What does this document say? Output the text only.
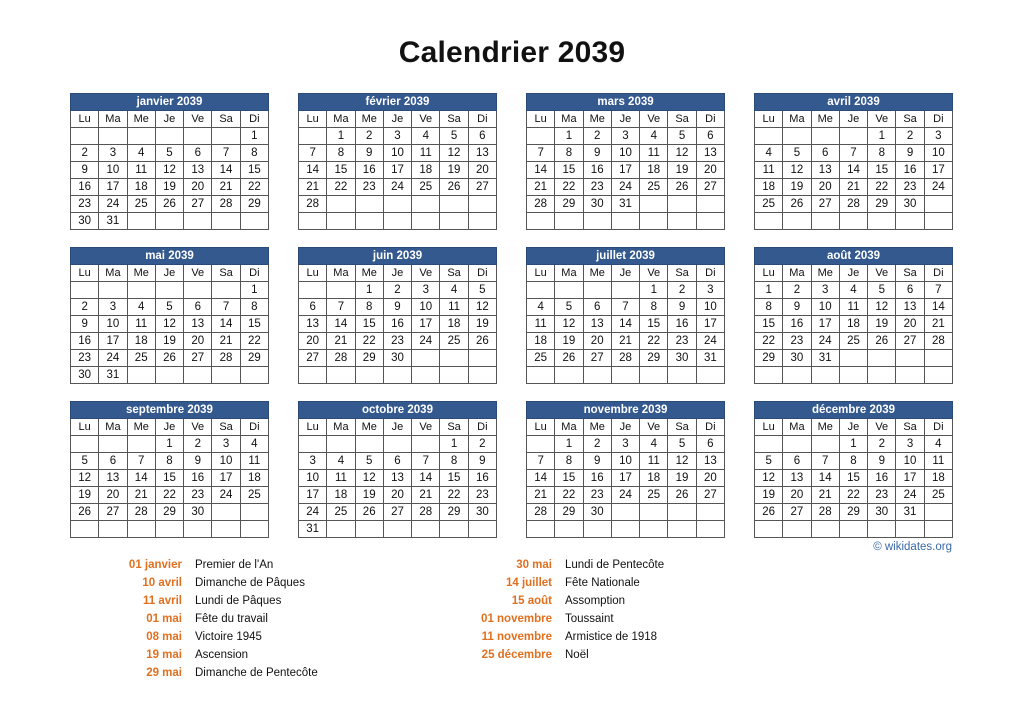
Calendrier 2039
janvier 2039						
Lu	Ma	Me	Je	Ve	Sa	Di
						1
2	3	4	5	6	7	8
9	10	11	12	13	14	15
16	17	18	19	20	21	22
23	24	25	26	27	28	29
30	31					
février 2039						
Lu	Ma	Me	Je	Ve	Sa	Di
	1	2	3	4	5	6
7	8	9	10	11	12	13
14	15	16	17	18	19	20
21	22	23	24	25	26	27
28						

mars 2039						
Lu	Ma	Me	Je	Ve	Sa	Di
	1	2	3	4	5	6
7	8	9	10	11	12	13
14	15	16	17	18	19	20
21	22	23	24	25	26	27
28	29	30	31			

avril 2039						
Lu	Ma	Me	Je	Ve	Sa	Di
				1	2	3
4	5	6	7	8	9	10
11	12	13	14	15	16	17
18	19	20	21	22	23	24
25	26	27	28	29	30	

mai 2039						
Lu	Ma	Me	Je	Ve	Sa	Di
						1
2	3	4	5	6	7	8
9	10	11	12	13	14	15
16	17	18	19	20	21	22
23	24	25	26	27	28	29
30	31					
juin 2039						
Lu	Ma	Me	Je	Ve	Sa	Di
		1	2	3	4	5
6	7	8	9	10	11	12
13	14	15	16	17	18	19
20	21	22	23	24	25	26
27	28	29	30			

juillet 2039						
Lu	Ma	Me	Je	Ve	Sa	Di
				1	2	3
4	5	6	7	8	9	10
11	12	13	14	15	16	17
18	19	20	21	22	23	24
25	26	27	28	29	30	31

août 2039						
Lu	Ma	Me	Je	Ve	Sa	Di
1	2	3	4	5	6	7
8	9	10	11	12	13	14
15	16	17	18	19	20	21
22	23	24	25	26	27	28
29	30	31				

septembre 2039						
Lu	Ma	Me	Je	Ve	Sa	Di
			1	2	3	4
5	6	7	8	9	10	11
12	13	14	15	16	17	18
19	20	21	22	23	24	25
26	27	28	29	30		

octobre 2039						
Lu	Ma	Me	Je	Ve	Sa	Di
					1	2
3	4	5	6	7	8	9
10	11	12	13	14	15	16
17	18	19	20	21	22	23
24	25	26	27	28	29	30
31						
novembre 2039						
Lu	Ma	Me	Je	Ve	Sa	Di
	1	2	3	4	5	6
7	8	9	10	11	12	13
14	15	16	17	18	19	20
21	22	23	24	25	26	27
28	29	30				

décembre 2039						
Lu	Ma	Me	Je	Ve	Sa	Di
			1	2	3	4
5	6	7	8	9	10	11
12	13	14	15	16	17	18
19	20	21	22	23	24	25
26	27	28	29	30	31	

© wikidates.org
01 janvier Premier de l'An
10 avril Dimanche de Pâques
11 avril Lundi de Pâques
01 mai Fête du travail
08 mai Victoire 1945
19 mai Ascension
29 mai Dimanche de Pentecôte
30 mai Lundi de Pentecôte
14 juillet Fête Nationale
15 août Assomption
01 novembre Toussaint
11 novembre Armistice de 1918
25 décembre Noël
